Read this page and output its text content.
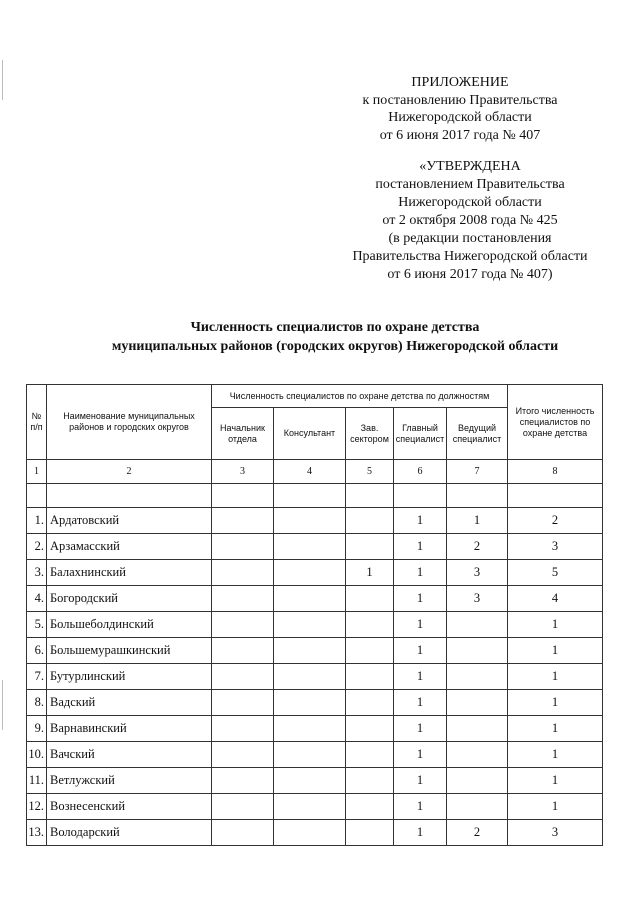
ПРИЛОЖЕНИЕ
к постановлению Правительства
Нижегородской области
от 6 июня 2017 года № 407
«УТВЕРЖДЕНА
постановлением Правительства
Нижегородской области
от 2 октября 2008 года № 425
(в редакции постановления
Правительства Нижегородской области
от 6 июня 2017 года № 407)
Численность специалистов по охране детства
муниципальных районов (городских округов) Нижегородской области
№ п/п	Наименование муниципальных районов и городских округов	Численность специалистов по охране детства по должностям					Итого численность специалистов по охране детства
		Начальник отдела	Консультант	Зав. сектором	Главный специалист	Ведущий специалист	
1	2	3	4	5	6	7	8

1.	Ардатовский				1	1	2
2.	Арзамасский				1	2	3
3.	Балахнинский			1	1	3	5
4.	Богородский				1	3	4
5.	Большеболдинский				1		1
6.	Большемурашкинский				1		1
7.	Бутурлинский				1		1
8.	Вадский				1		1
9.	Варнавинский				1		1
10.	Вачский				1		1
11.	Ветлужский				1		1
12.	Вознесенский				1		1
13.	Володарский				1	2	3
